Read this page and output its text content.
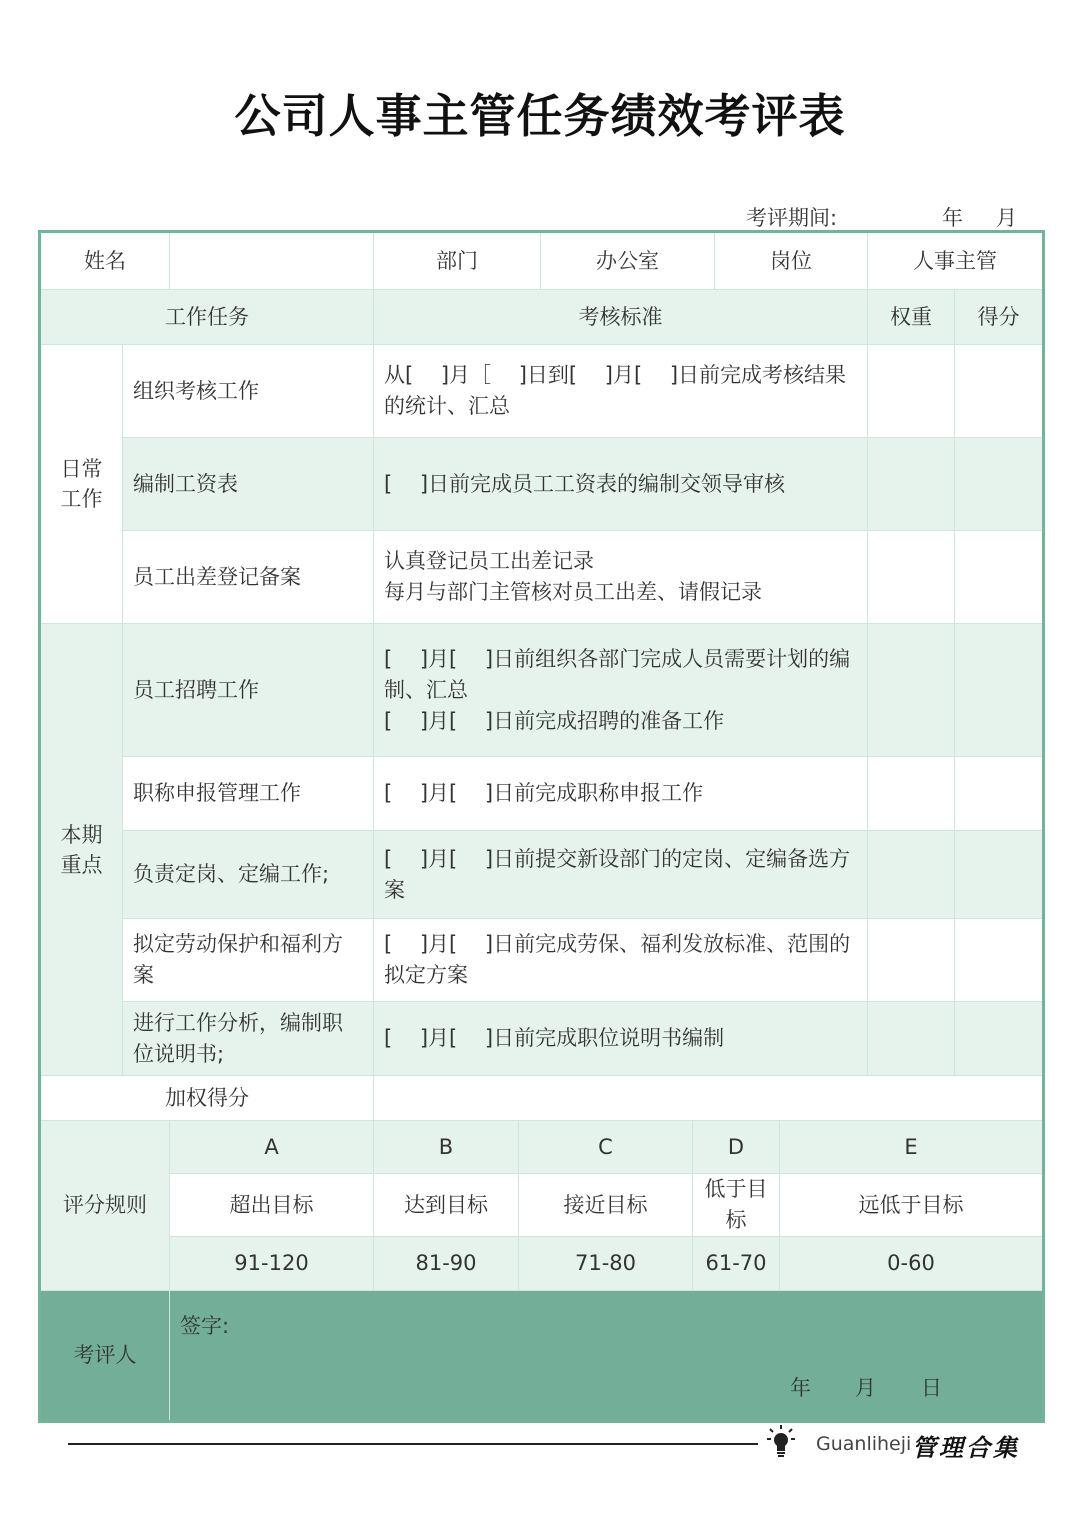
公司人事主管任务绩效考评表
考评期间:	年 月
姓名			部门		办公室		岗位		人事主管	
工作任务			考核标准						权重	得分
日常
工作	组织考核工作		从[　 ]月［　 ]日到[　 ]月[　 ]日前完成考核结果的统计、汇总							
	编制工资表		[　 ]日前完成员工工资表的编制交领导审核							
	员工出差登记备案		认真登记员工出差记录
每月与部门主管核对员工出差、请假记录							
本期
重点	员工招聘工作		[　 ]月[　 ]日前组织各部门完成人员需要计划的编制、汇总
[　 ]月[　 ]日前完成招聘的准备工作							
	职称申报管理工作		[　 ]月[　 ]日前完成职称申报工作							
	负责定岗、定编工作;		[　 ]月[　 ]日前提交新设部门的定岗、定编备选方案							
	拟定劳动保护和福利方案		[　 ]月[　 ]日前完成劳保、福利发放标准、范围的拟定方案							
	进行工作分析，编制职位说明书;		[　 ]月[　 ]日前完成职位说明书编制							
加权得分										
评分规则		A	B	C		D		E		
		超出目标	达到目标	接近目标		低于目标		远低于目标		
		91-120	81-90	71-80		61-70		0-60		
考评人		签字:
年 月 日								
Guanliheji 管理合集
